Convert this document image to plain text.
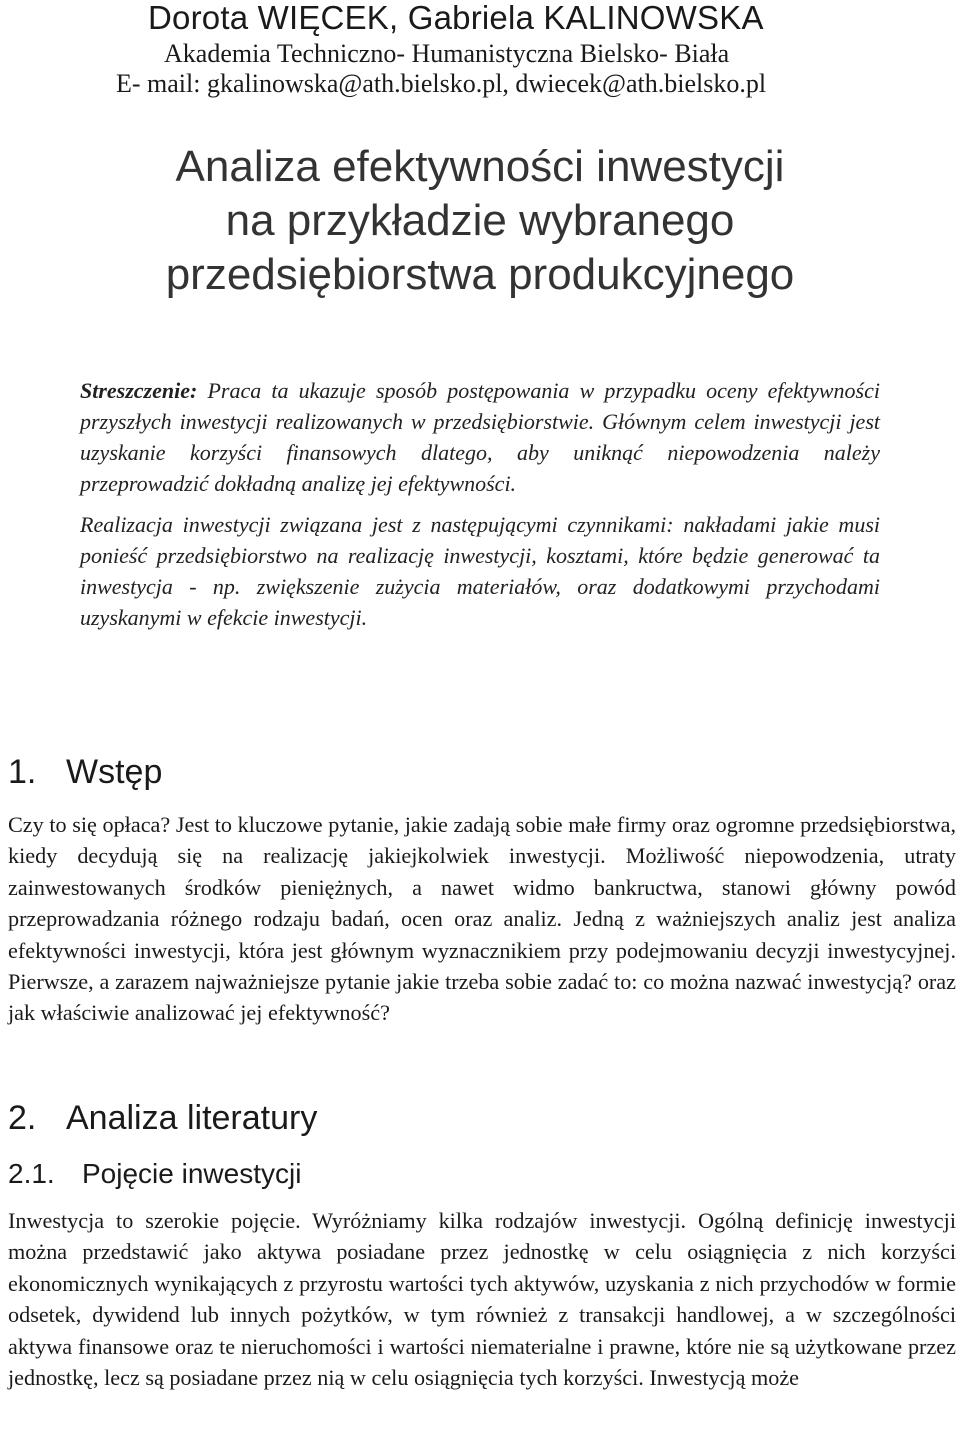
Dorota WIĘCEK, Gabriela KALINOWSKA
Akademia Techniczno- Humanistyczna Bielsko- Biała
E- mail: gkalinowska@ath.bielsko.pl, dwiecek@ath.bielsko.pl
Analiza efektywności inwestycji
na przykładzie wybranego
przedsiębiorstwa produkcyjnego

Streszczenie: Praca ta ukazuje sposób postępowania w przypadku oceny efektywności przyszłych inwestycji realizowanych w przedsiębiorstwie. Głównym celem inwestycji jest uzyskanie korzyści finansowych dlatego, aby uniknąć niepowodzenia należy przeprowadzić dokładną analizę jej efektywności.

Realizacja inwestycji związana jest z następującymi czynnikami: nakładami jakie musi ponieść przedsiębiorstwo na realizację inwestycji, kosztami, które będzie generować ta inwestycja - np. zwiększenie zużycia materiałów, oraz dodatkowymi przychodami uzyskanymi w efekcie inwestycji.

1. Wstęp

Czy to się opłaca? Jest to kluczowe pytanie, jakie zadają sobie małe firmy oraz ogromne przedsiębiorstwa, kiedy decydują się na realizację jakiejkolwiek inwestycji. Możliwość niepowodzenia, utraty zainwestowanych środków pieniężnych, a nawet widmo bankructwa, stanowi główny powód przeprowadzania różnego rodzaju badań, ocen oraz analiz. Jedną z ważniejszych analiz jest analiza efektywności inwestycji, która jest głównym wyznacznikiem przy podejmowaniu decyzji inwestycyjnej. Pierwsze, a zarazem najważniejsze pytanie jakie trzeba sobie zadać to: co można nazwać inwestycją? oraz jak właściwie analizować jej efektywność?

2. Analiza literatury
2.1. Pojęcie inwestycji

Inwestycja to szerokie pojęcie. Wyróżniamy kilka rodzajów inwestycji. Ogólną definicję inwestycji można przedstawić jako aktywa posiadane przez jednostkę w celu osiągnięcia z nich korzyści ekonomicznych wynikających z przyrostu wartości tych aktywów, uzyskania z nich przychodów w formie odsetek, dywidend lub innych pożytków, w tym również z transakcji handlowej, a w szczególności aktywa finansowe oraz te nieruchomości i wartości niematerialne i prawne, które nie są użytkowane przez jednostkę, lecz są posiadane przez nią w celu osiągnięcia tych korzyści. Inwestycją może
